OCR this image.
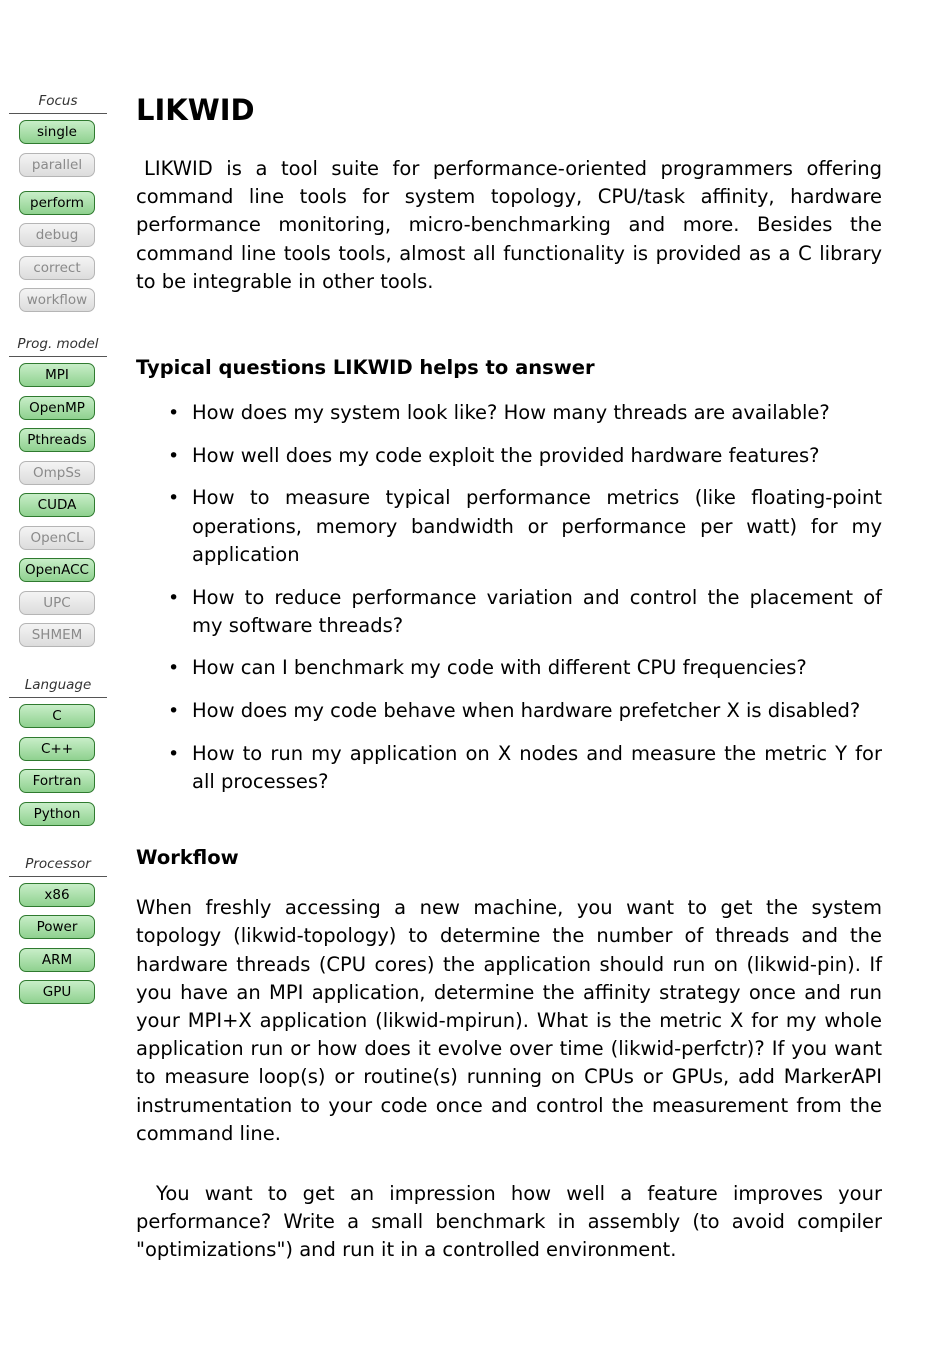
Focus
single
parallel
perform
debug
correct
workflow
Prog. model
MPI
OpenMP
Pthreads
OmpSs
CUDA
OpenCL
OpenACC
UPC
SHMEM
Language
C
C++
Fortran
Python
Processor
x86
Power
ARM
GPU
LIKWID

LIKWID is a tool suite for performance-oriented programmers offering command line tools for system topology, CPU/task affinity, hardware performance monitoring, micro-benchmarking and more. Besides the command line tools tools, almost all functionality is provided as a C library to be integrable in other tools.

Typical questions LIKWID helps to answer
• How does my system look like? How many threads are available?
• How well does my code exploit the provided hardware features?
• How to measure typical performance metrics (like floating-point operations, memory bandwidth or performance per watt) for my application
• How to reduce performance variation and control the placement of my software threads?
• How can I benchmark my code with different CPU frequencies?
• How does my code behave when hardware prefetcher X is disabled?
• How to run my application on X nodes and measure the metric Y for all processes?
Workflow

When freshly accessing a new machine, you want to get the system topology (likwid-topology) to determine the number of threads and the hardware threads (CPU cores) the application should run on (likwid-pin). If you have an MPI application, determine the affinity strategy once and run your MPI+X application (likwid-mpirun). What is the metric X for my whole application run or how does it evolve over time (likwid-perfctr)? If you want to measure loop(s) or routine(s) running on CPUs or GPUs, add MarkerAPI instrumentation to your code once and control the measurement from the command line.

You want to get an impression how well a feature improves your performance? Write a small benchmark in assembly (to avoid compiler "optimizations") and run it in a controlled environment.
